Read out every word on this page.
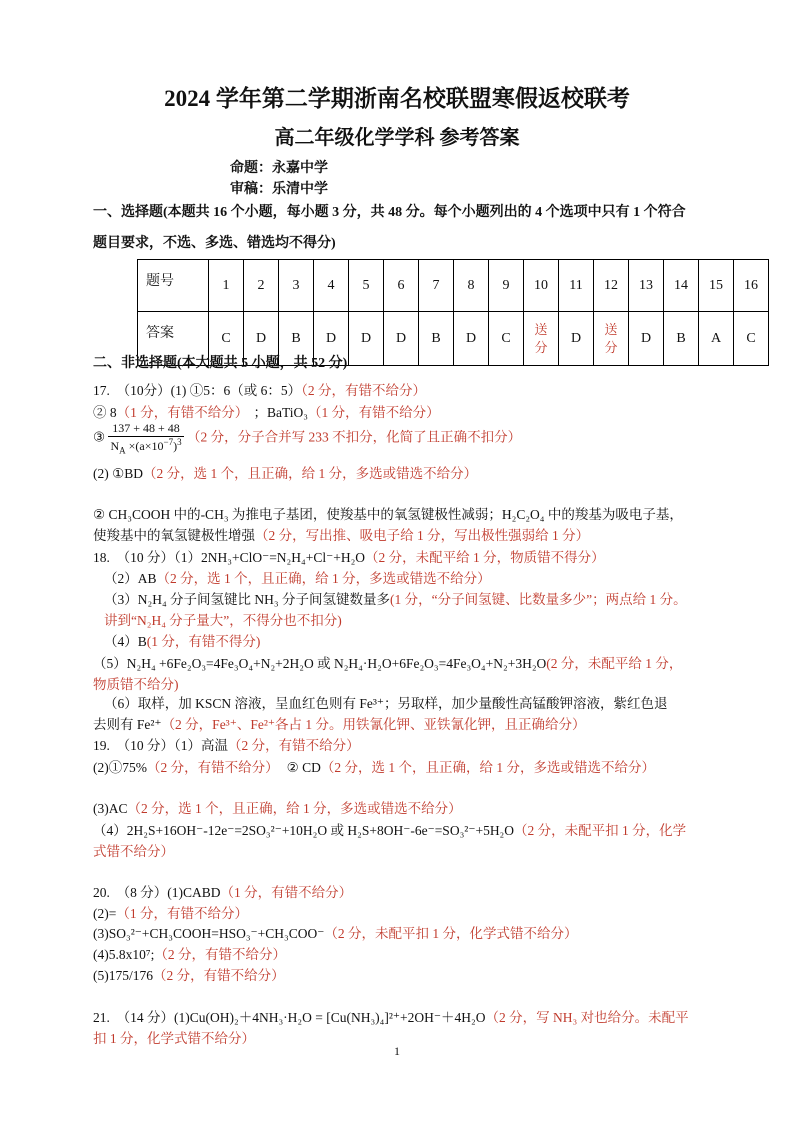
2024 学年第二学期浙南名校联盟寒假返校联考
高二年级化学学科 参考答案
命题：永嘉中学
审稿：乐清中学
一、选择题(本题共 16 个小题，每小题 3 分，共 48 分。每个小题列出的 4 个选项中只有 1 个符合
题目要求，不选、多选、错选均不得分)
题号	1	2	3	4	5	6	7	8	9	10	11	12	13	14	15	16
答案	C	D	B	D	D	D	B	D	C	送分	D	送分	D	B	A	C
二、非选择题(本大题共 5 小题，共 52 分)
17.　（10分）(1) ①5：6（或 6：5）（2 分，有错不给分）
② 8（1 分，有错不给分） ；BaTiO₃（1 分，有错不给分）
③ $\frac{137 + 48 + 48}{N_A \times(a\times 10^{-7})^3} (2$ 分，分子合并写 233 不扣分，化简了且正确不扣分）
(2) ①BD（2 分，选 1 个，且正确，给 1 分，多选或错选不给分）
② CH₃COOH 中的-CH₃ 为推电子基团，使羧基中的氧氢键极性减弱；H₂C₂O₄ 中的羧基为吸电子基，
使羧基中的氧氢键极性增强（2 分，写出推、吸电子给 1 分，写出极性强弱给 1 分）
18.　（10 分）（1）2NH₃+ClO⁻=N₂H₄+Cl⁻+H₂O（2 分，未配平给 1 分，物质错不得分）
（2）AB（2 分，选 1 个，且正确，给 1 分，多选或错选不给分）
（3）N₂H₄ 分子间氢键比 NH₃ 分子间氢键数量多(1 分，“分子间氢键、比数量多少”；两点给 1 分。
讲到“N₂H₄ 分子量大”，不得分也不扣分)
（4）B(1 分，有错不得分)
（5）N₂H₄ +6Fe₂O₃=4Fe₃O₄+N₂+2H₂O 或 N₂H₄·H₂O+6Fe₂O₃=4Fe₃O₄+N₂+3H₂O(2 分，未配平给 1 分，
物质错不给分)
（6）取样，加 KSCN 溶液，呈血红色则有 Fe³⁺；另取样，加少量酸性高锰酸钾溶液，紫红色退
去则有 Fe²⁺（2 分，Fe³⁺、Fe²⁺各占 1 分。用铁氰化钾、亚铁氰化钾，且正确给分）
19.　（10 分）（1）高温（2 分，有错不给分）
(2)①75%（2 分，有错不给分） ② CD（2 分，选 1 个，且正确，给 1 分，多选或错选不给分）
(3)AC（2 分，选 1 个，且正确，给 1 分，多选或错选不给分）
（4）2H₂S+16OH⁻-12e⁻=2SO₃²⁻+10H₂O 或 H₂S+8OH⁻-6e⁻=SO₃²⁻+5H₂O（2 分，未配平扣 1 分，化学
式错不给分）
20.　（8 分）(1)CABD（1 分，有错不给分）
(2)=（1 分，有错不给分）
(3)SO₃²⁻+CH₃COOH=HSO₃⁻+CH₃COO⁻（2 分，未配平扣 1 分，化学式错不给分）
(4)5.8x10⁷;（2 分，有错不给分）
(5)175/176（2 分，有错不给分）
21.　（14 分）(1)Cu(OH)₂＋4NH₃·H₂O = [Cu(NH₃)₄]²⁺+2OH⁻＋4H₂O（2 分，写 NH₃ 对也给分。未配平
扣 1 分，化学式错不给分）
1
